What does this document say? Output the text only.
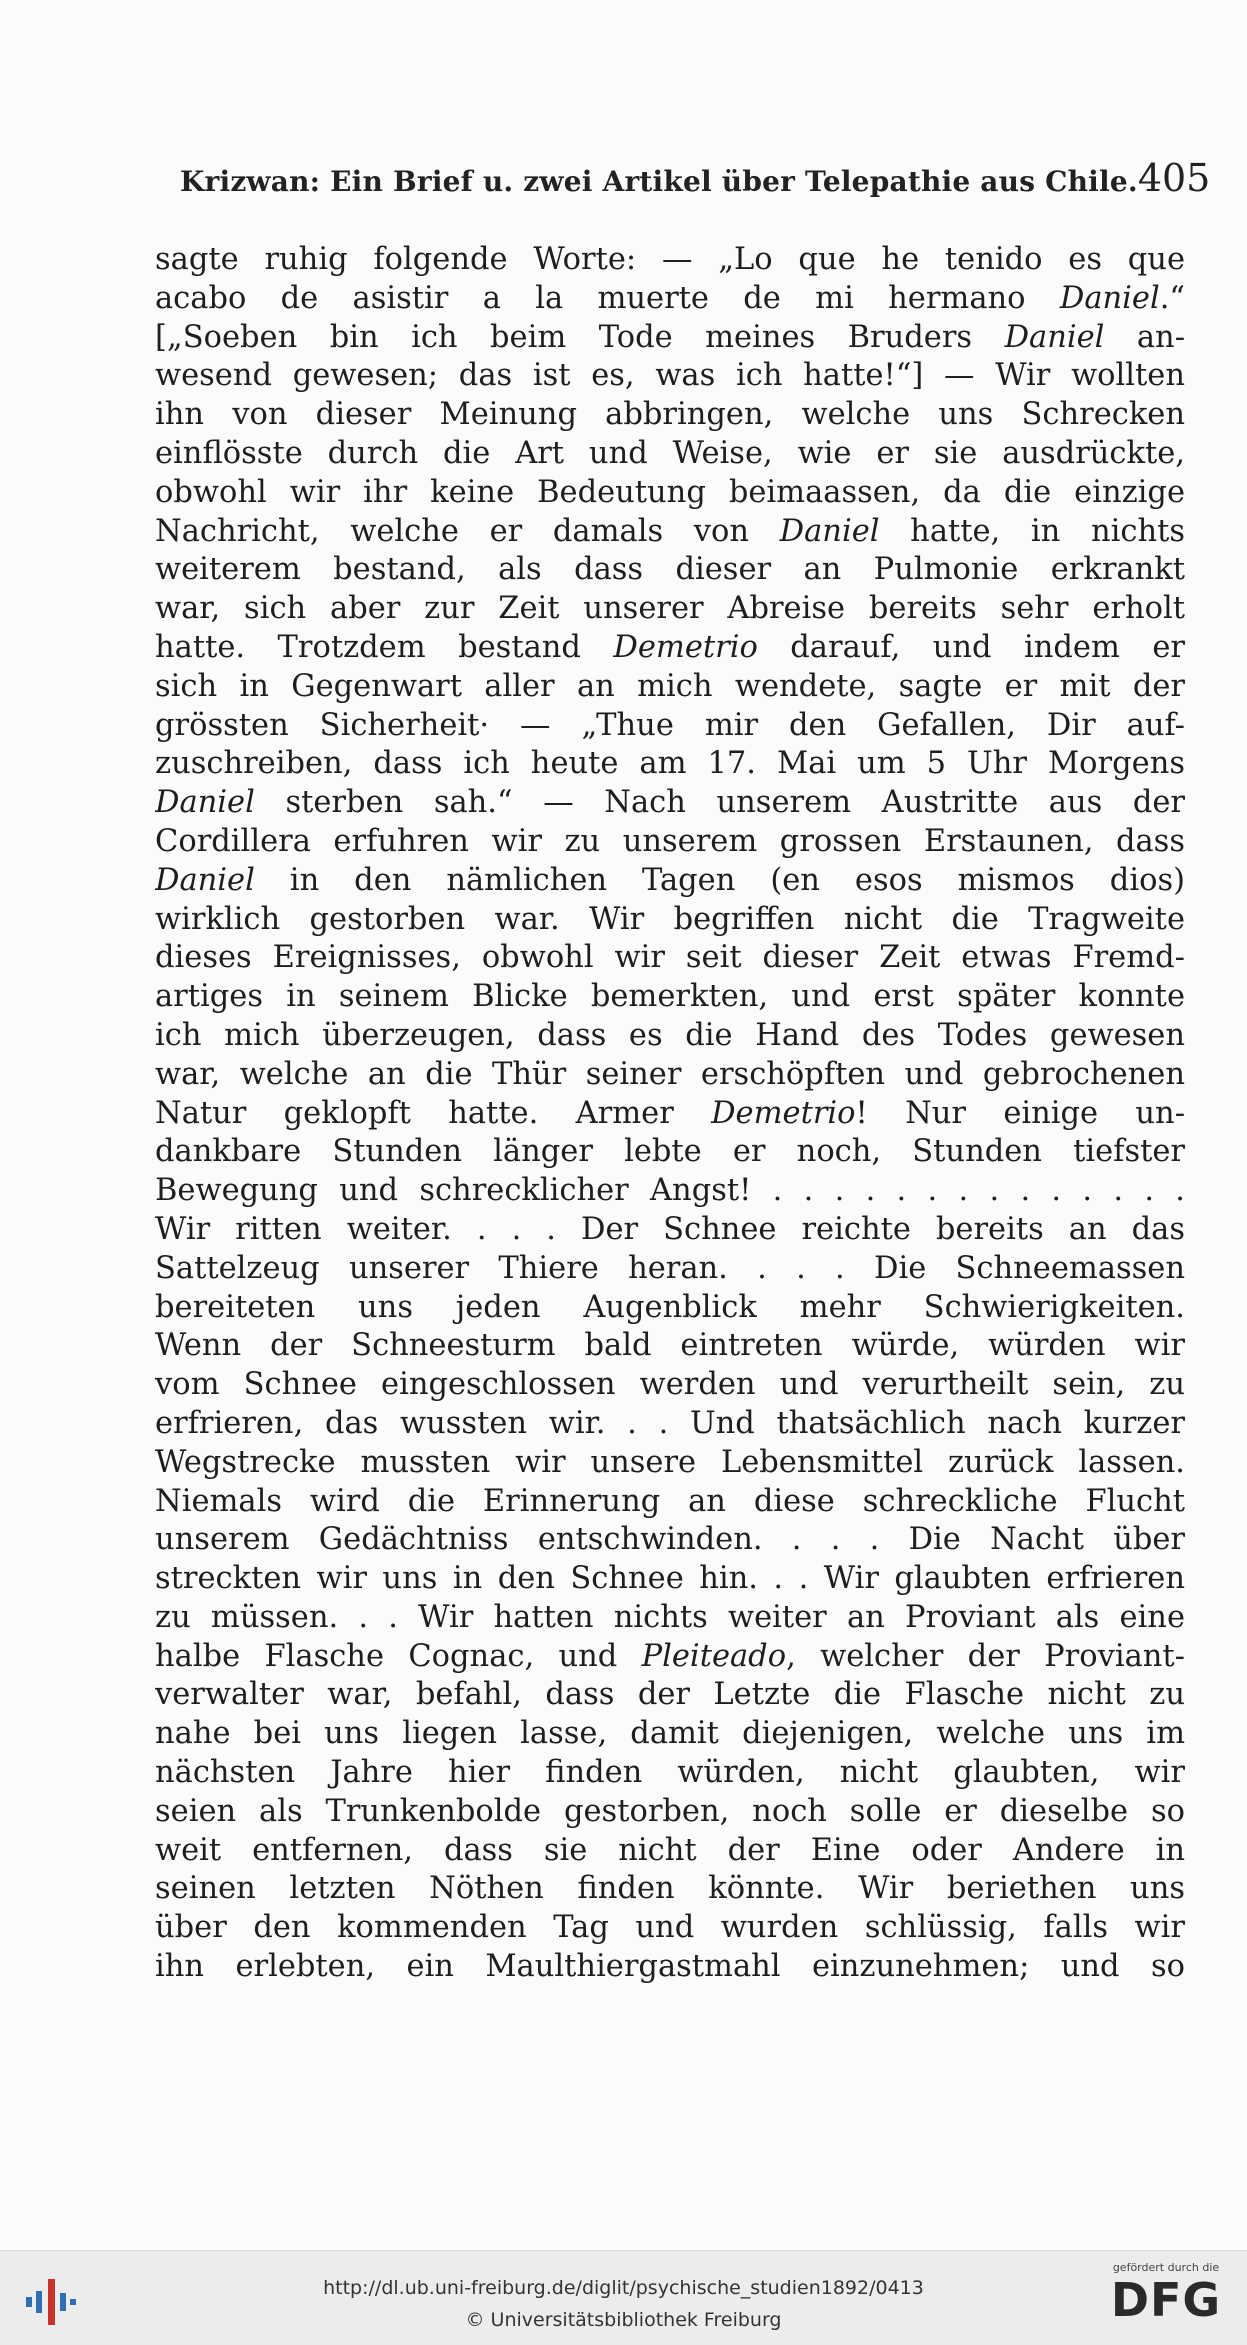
Krizwan: Ein Brief u. zwei Artikel über Telepathie aus Chile. 405
sagte ruhig folgende Worte: — „Lo que he tenido es que
acabo de asistir a la muerte de mi hermano Daniel.“
[„Soeben bin ich beim Tode meines Bruders Daniel an-
wesend gewesen; das ist es, was ich hatte!“] — Wir wollten
ihn von dieser Meinung abbringen, welche uns Schrecken
einflösste durch die Art und Weise, wie er sie ausdrückte,
obwohl wir ihr keine Bedeutung beimaassen, da die einzige
Nachricht, welche er damals von Daniel hatte, in nichts
weiterem bestand, als dass dieser an Pulmonie erkrankt
war, sich aber zur Zeit unserer Abreise bereits sehr erholt
hatte. Trotzdem bestand Demetrio darauf, und indem er
sich in Gegenwart aller an mich wendete, sagte er mit der
grössten Sicherheit· — „Thue mir den Gefallen, Dir auf-
zuschreiben, dass ich heute am 17. Mai um 5 Uhr Morgens
Daniel sterben sah.“ — Nach unserem Austritte aus der
Cordillera erfuhren wir zu unserem grossen Erstaunen, dass
Daniel in den nämlichen Tagen (en esos mismos dios)
wirklich gestorben war. Wir begriffen nicht die Tragweite
dieses Ereignisses, obwohl wir seit dieser Zeit etwas Fremd-
artiges in seinem Blicke bemerkten, und erst später konnte
ich mich überzeugen, dass es die Hand des Todes gewesen
war, welche an die Thür seiner erschöpften und gebrochenen
Natur geklopft hatte. Armer Demetrio! Nur einige un-
dankbare Stunden länger lebte er noch, Stunden tiefster
Bewegung und schrecklicher Angst! . . . . . . . . . . . . . .
Wir ritten weiter. . . . Der Schnee reichte bereits an das
Sattelzeug unserer Thiere heran. . . . Die Schneemassen
bereiteten uns jeden Augenblick mehr Schwierigkeiten.
Wenn der Schneesturm bald eintreten würde, würden wir
vom Schnee eingeschlossen werden und verurtheilt sein, zu
erfrieren, das wussten wir. . . Und thatsächlich nach kurzer
Wegstrecke mussten wir unsere Lebensmittel zurück lassen.
Niemals wird die Erinnerung an diese schreckliche Flucht
unserem Gedächtniss entschwinden. . . . Die Nacht über
streckten wir uns in den Schnee hin. . . Wir glaubten erfrieren
zu müssen. . . Wir hatten nichts weiter an Proviant als eine
halbe Flasche Cognac, und Pleiteado, welcher der Proviant-
verwalter war, befahl, dass der Letzte die Flasche nicht zu
nahe bei uns liegen lasse, damit diejenigen, welche uns im
nächsten Jahre hier finden würden, nicht glaubten, wir
seien als Trunkenbolde gestorben, noch solle er dieselbe so
weit entfernen, dass sie nicht der Eine oder Andere in
seinen letzten Nöthen finden könnte. Wir beriethen uns
über den kommenden Tag und wurden schlüssig, falls wir
ihn erlebten, ein Maulthiergastmahl einzunehmen; und so
http://dl.ub.uni-freiburg.de/diglit/psychische_studien1892/0413
© Universitätsbibliothek Freiburg
gefördert durch die
DFG
